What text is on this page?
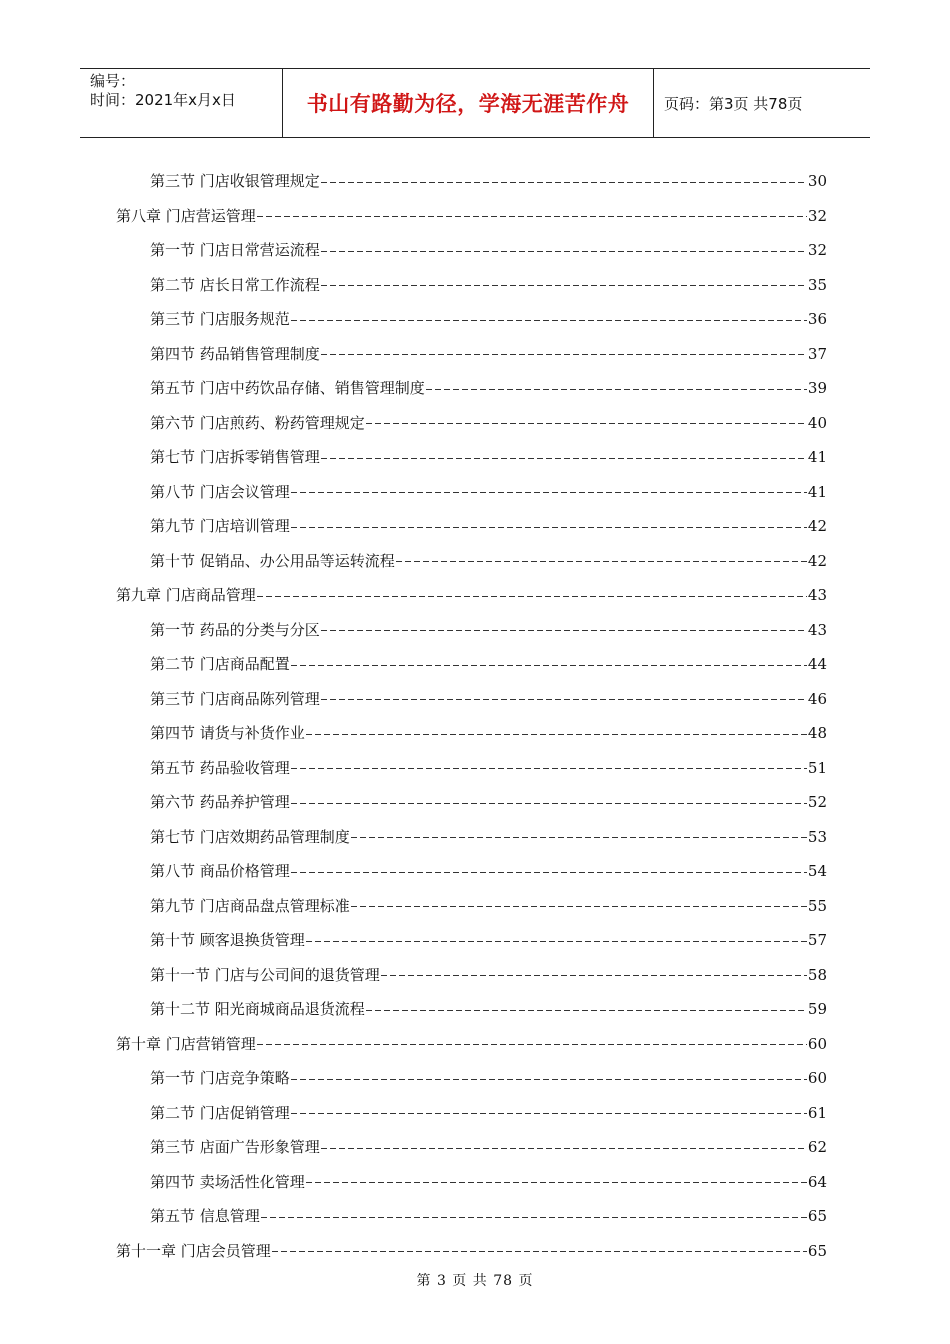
编号：
时间：2021年x月x日	书山有路勤为径，学海无涯苦作舟 页码：第3页 共78页
第三节 门店收银管理规定	30
第八章 门店营运管理	32
第一节 门店日常营运流程	32
第二节 店长日常工作流程	35
第三节 门店服务规范	36
第四节 药品销售管理制度	37
第五节 门店中药饮品存储、销售管理制度	39
第六节 门店煎药、粉药管理规定	40
第七节 门店拆零销售管理	41
第八节 门店会议管理	41
第九节 门店培训管理	42
第十节 促销品、办公用品等运转流程	42
第九章 门店商品管理	43
第一节 药品的分类与分区	43
第二节 门店商品配置	44
第三节 门店商品陈列管理	46
第四节 请货与补货作业	48
第五节 药品验收管理	51
第六节 药品养护管理	52
第七节 门店效期药品管理制度	53
第八节 商品价格管理	54
第九节 门店商品盘点管理标准	55
第十节 顾客退换货管理	57
第十一节 门店与公司间的退货管理	58
第十二节 阳光商城商品退货流程	59
第十章 门店营销管理	60
第一节 门店竞争策略	60
第二节 门店促销管理	61
第三节 店面广告形象管理	62
第四节 卖场活性化管理	64
第五节 信息管理	65
第十一章 门店会员管理	65
第 3 页 共 78 页
